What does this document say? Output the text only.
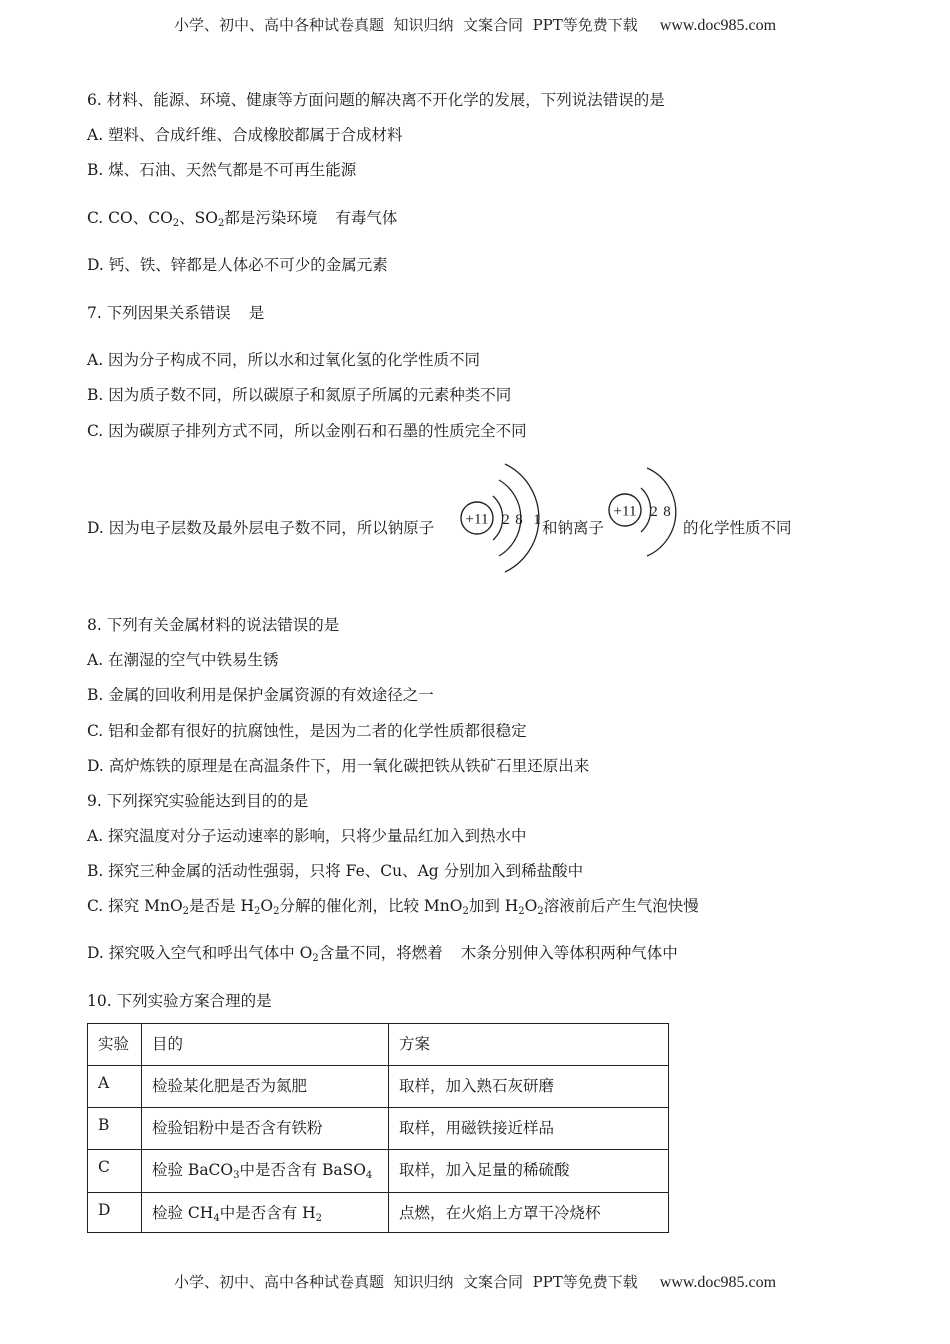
小学、初中、高中各种试卷真题  知识归纳  文案合同  PPT等免费下载 www.doc985.com
6. 材料、能源、环境、健康等方面问题的解决离不开化学的发展，下列说法错误的是
A. 塑料、合成纤维、合成橡胶都属于合成材料
B. 煤、石油、天然气都是不可再生能源
C. CO、$CO_2$、$SO_2$都是污染环境 有毒气体
D. 钙、铁、锌都是人体必不可少的金属元素
7. 下列因果关系错误 是
A. 因为分子构成不同，所以水和过氧化氢的化学性质不同
B. 因为质子数不同，所以碳原子和氮原子所属的元素种类不同
C. 因为碳原子排列方式不同，所以金刚石和石墨的性质完全不同
D. 因为电子层数及最外层电子数不同，所以钠原子	和钠离子	的化学性质不同
+11 2 8 1
+11 2 8
8. 下列有关金属材料的说法错误的是
A. 在潮湿的空气中铁易生锈
B. 金属的回收利用是保护金属资源的有效途径之一
C. 铝和金都有很好的抗腐蚀性，是因为二者的化学性质都很稳定
D. 高炉炼铁的原理是在高温条件下，用一氧化碳把铁从铁矿石里还原出来
9. 下列探究实验能达到目的的是
A. 探究温度对分子运动速率的影响，只将少量品红加入到热水中
B. 探究三种金属的活动性强弱，只将 Fe、Cu、Ag 分别加入到稀盐酸中
C. 探究 MnO$_2$是否是 $H_2O_2$分解的催化剂，比较 MnO$_2$加到 $H_2O_2$溶液前后产生气泡快慢
D. 探究吸入空气和呼出气体中 $O_2$含量不同，将燃着 木条分别伸入等体积两种气体中
10. 下列实验方案合理的是
实验	目的	方案
A	检验某化肥是否为氮肥	取样，加入熟石灰研磨
B	检验铝粉中是否含有铁粉	取样，用磁铁接近样品
C	检验 BaCO$_3$中是否含有 BaSO$_4$	取样，加入足量的稀硫酸
D	检验 $CH_4$中是否含有 $H_2$	点燃，在火焰上方罩干冷烧杯
小学、初中、高中各种试卷真题  知识归纳  文案合同  PPT等免费下载 www.doc985.com
